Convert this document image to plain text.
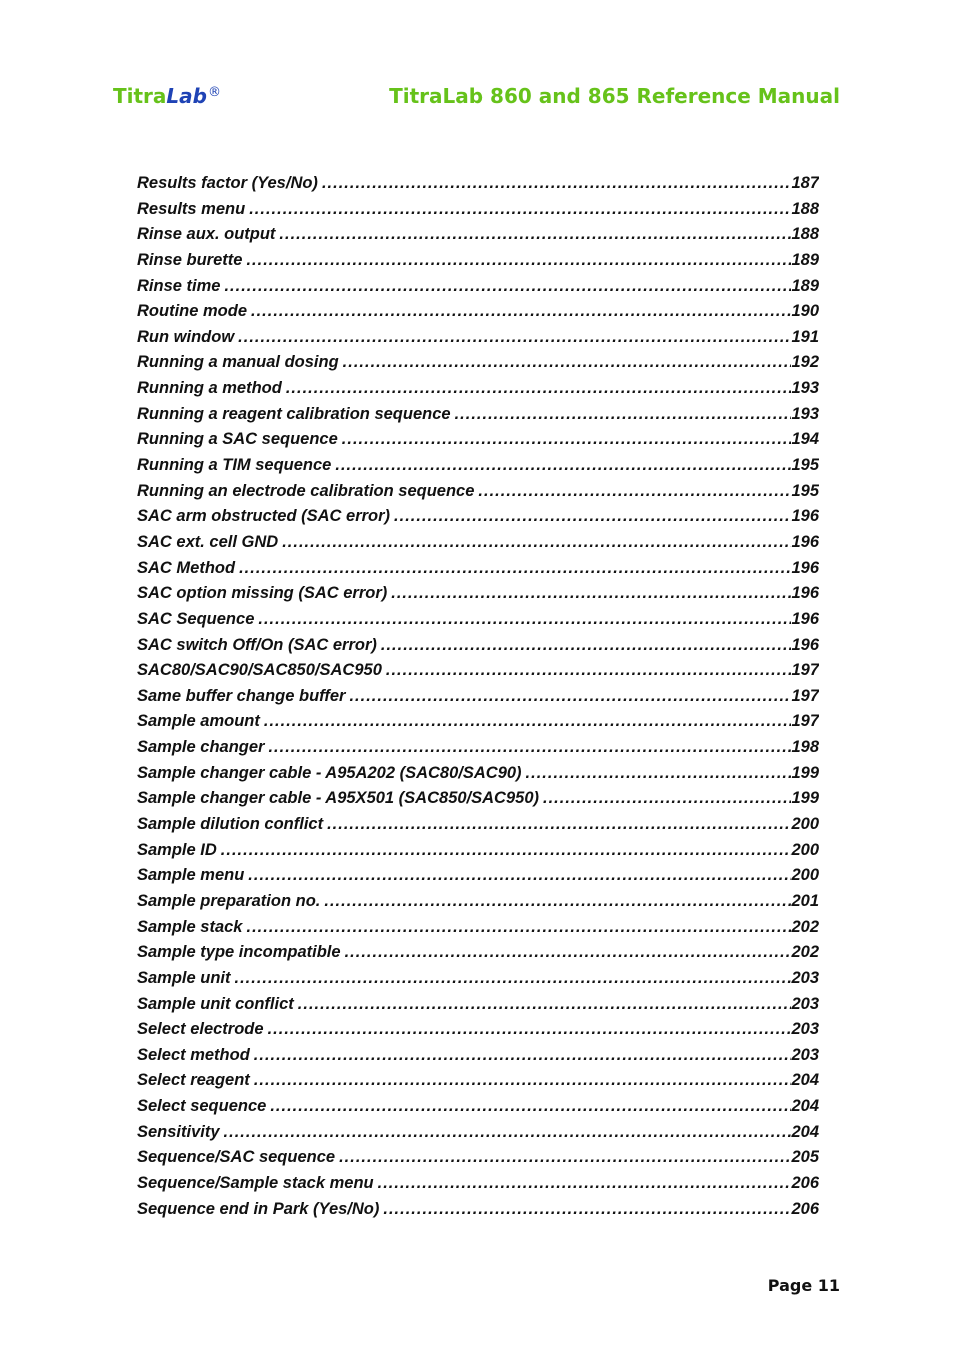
TitraLab®	TitraLab 860 and 865 Reference Manual
Results factor (Yes/No) .....	187
Results menu .....	188
Rinse aux. output .....	188
Rinse burette .....	189
Rinse time .....	189
Routine mode .....	190
Run window .....	191
Running a manual dosing .....	192
Running a method .....	193
Running a reagent calibration sequence .....	193
Running a SAC sequence .....	194
Running a TIM sequence .....	195
Running an electrode calibration sequence .....	195
SAC arm obstructed (SAC error) .....	196
SAC ext. cell GND .....	196
SAC Method .....	196
SAC option missing (SAC error) .....	196
SAC Sequence .....	196
SAC switch Off/On (SAC error) .....	196
SAC80/SAC90/SAC850/SAC950 .....	197
Same buffer change buffer .....	197
Sample amount .....	197
Sample changer .....	198
Sample changer cable - A95A202 (SAC80/SAC90) .....	199
Sample changer cable - A95X501 (SAC850/SAC950) .....	199
Sample dilution conflict .....	200
Sample ID .....	200
Sample menu .....	200
Sample preparation no. .....	201
Sample stack .....	202
Sample type incompatible .....	202
Sample unit .....	203
Sample unit conflict .....	203
Select electrode .....	203
Select method .....	203
Select reagent .....	204
Select sequence .....	204
Sensitivity .....	204
Sequence/SAC sequence .....	205
Sequence/Sample stack menu .....	206
Sequence end in Park (Yes/No) .....	206
Page 11
